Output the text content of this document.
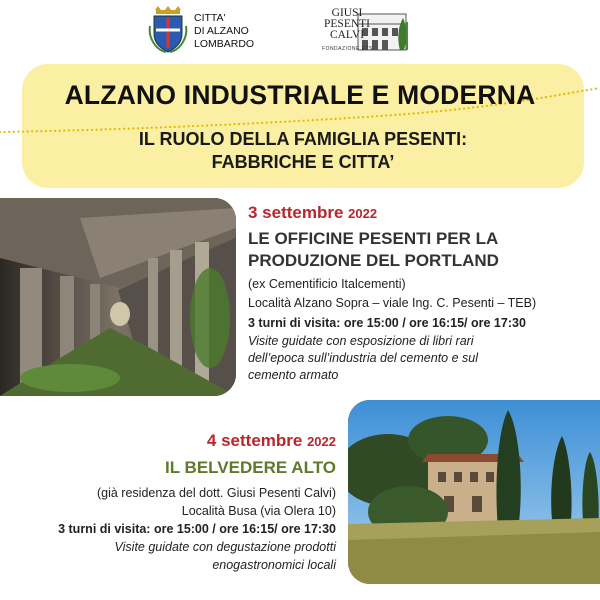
CITTA'
DI ALZANO
LOMBARDO
GIUSI
PESENTI
CALVI
FONDAZIONE ETS
ALZANO INDUSTRIALE E MODERNA
IL RUOLO DELLA FAMIGLIA PESENTI:
FABBRICHE E CITTA’
3 settembre 2022
LE OFFICINE PESENTI PER LA
PRODUZIONE DEL PORTLAND
(ex Cementificio Italcementi)
Località Alzano Sopra – viale Ing. C. Pesenti – TEB)
3 turni di visita: ore 15:00 / ore 16:15/ ore 17:30
Visite guidate con esposizione di libri rari
dell’epoca sull’industria del cemento e sul
cemento armato
4 settembre 2022
IL BELVEDERE ALTO
(già residenza del dott. Giusi Pesenti Calvi)
Località Busa (via Olera 10)
3 turni di visita: ore 15:00 / ore 16:15/ ore 17:30
Visite guidate con degustazione prodotti
enogastronomici locali
